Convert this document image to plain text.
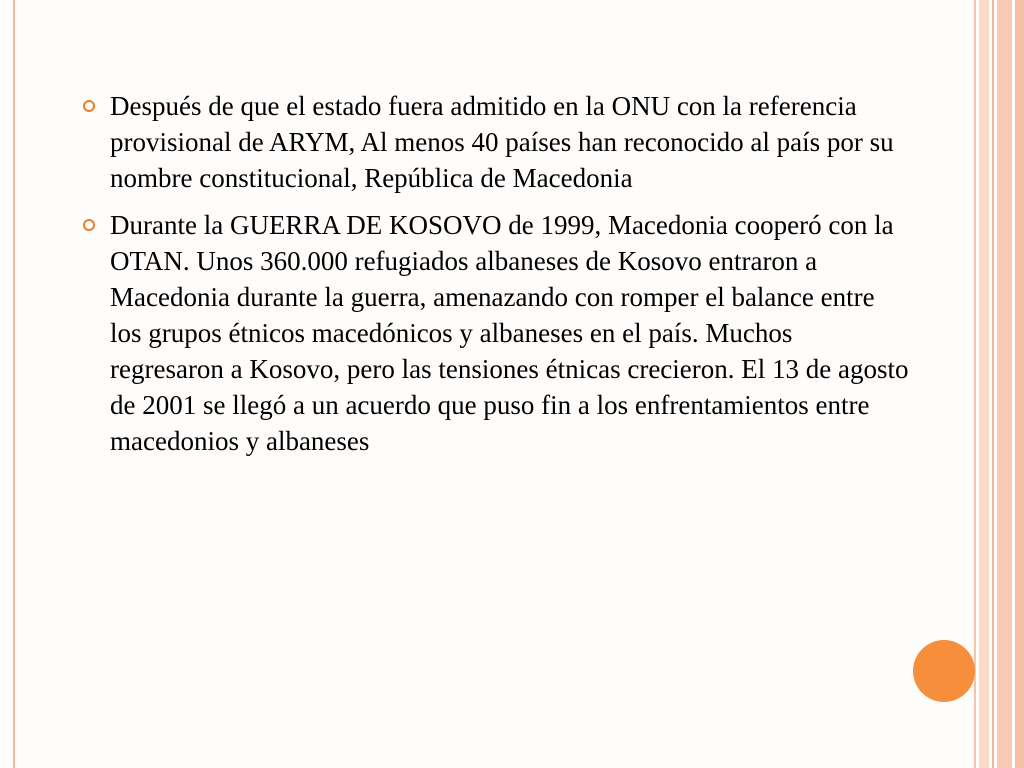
Después de que el estado fuera admitido en la ONU con la referencia provisional de ARYM, Al menos 40 países han reconocido al país por su nombre constitucional, República de Macedonia
Durante la GUERRA DE KOSOVO de 1999, Macedonia cooperó con la OTAN. Unos 360.000 refugiados albaneses de Kosovo entraron a Macedonia durante la guerra, amenazando con romper el balance entre los grupos étnicos macedónicos y albaneses en el país. Muchos regresaron a Kosovo, pero las tensiones étnicas crecieron. El 13 de agosto de 2001 se llegó a un acuerdo que puso fin a los enfrentamientos entre macedonios y albaneses
